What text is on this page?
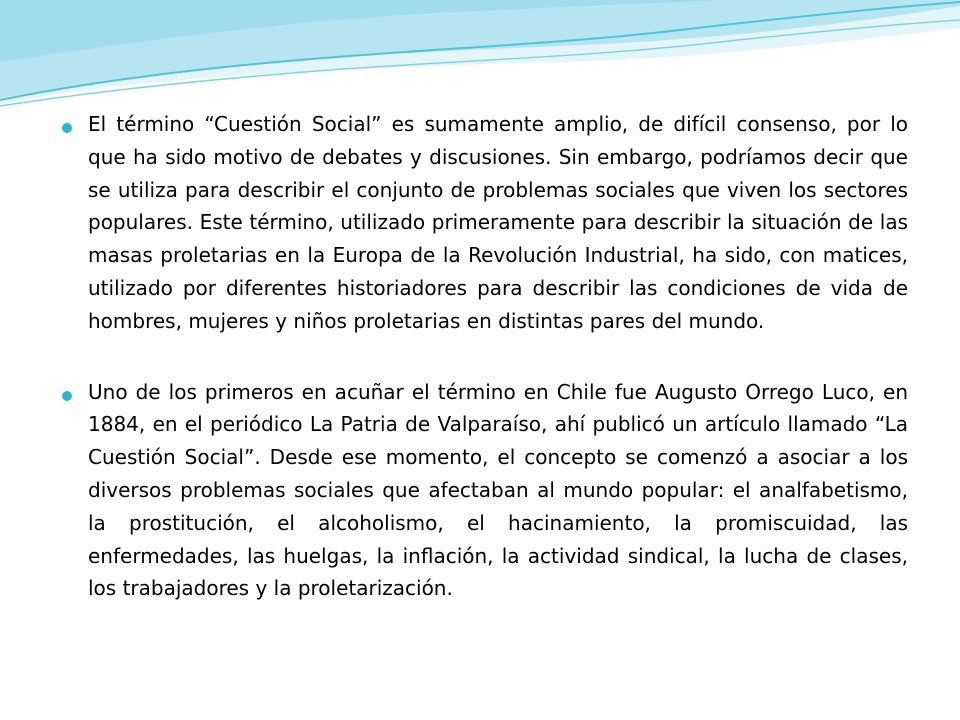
El término “Cuestión Social” es sumamente amplio, de difícil consenso, por lo que ha sido motivo de debates y discusiones. Sin embargo, podríamos decir que se utiliza para describir el conjunto de problemas sociales que viven los sectores populares. Este término, utilizado primeramente para describir la situación de las masas proletarias en la Europa de la Revolución Industrial, ha sido, con matices, utilizado por diferentes historiadores para describir las condiciones de vida de hombres, mujeres y niños proletarias en distintas pares del mundo.
Uno de los primeros en acuñar el término en Chile fue Augusto Orrego Luco, en 1884, en el periódico La Patria de Valparaíso, ahí publicó un artículo llamado “La Cuestión Social”. Desde ese momento, el concepto se comenzó a asociar a los diversos problemas sociales que afectaban al mundo popular: el analfabetismo, la prostitución, el alcoholismo, el hacinamiento, la promiscuidad, las enfermedades, las huelgas, la inflación, la actividad sindical, la lucha de clases, los trabajadores y la proletarización.
